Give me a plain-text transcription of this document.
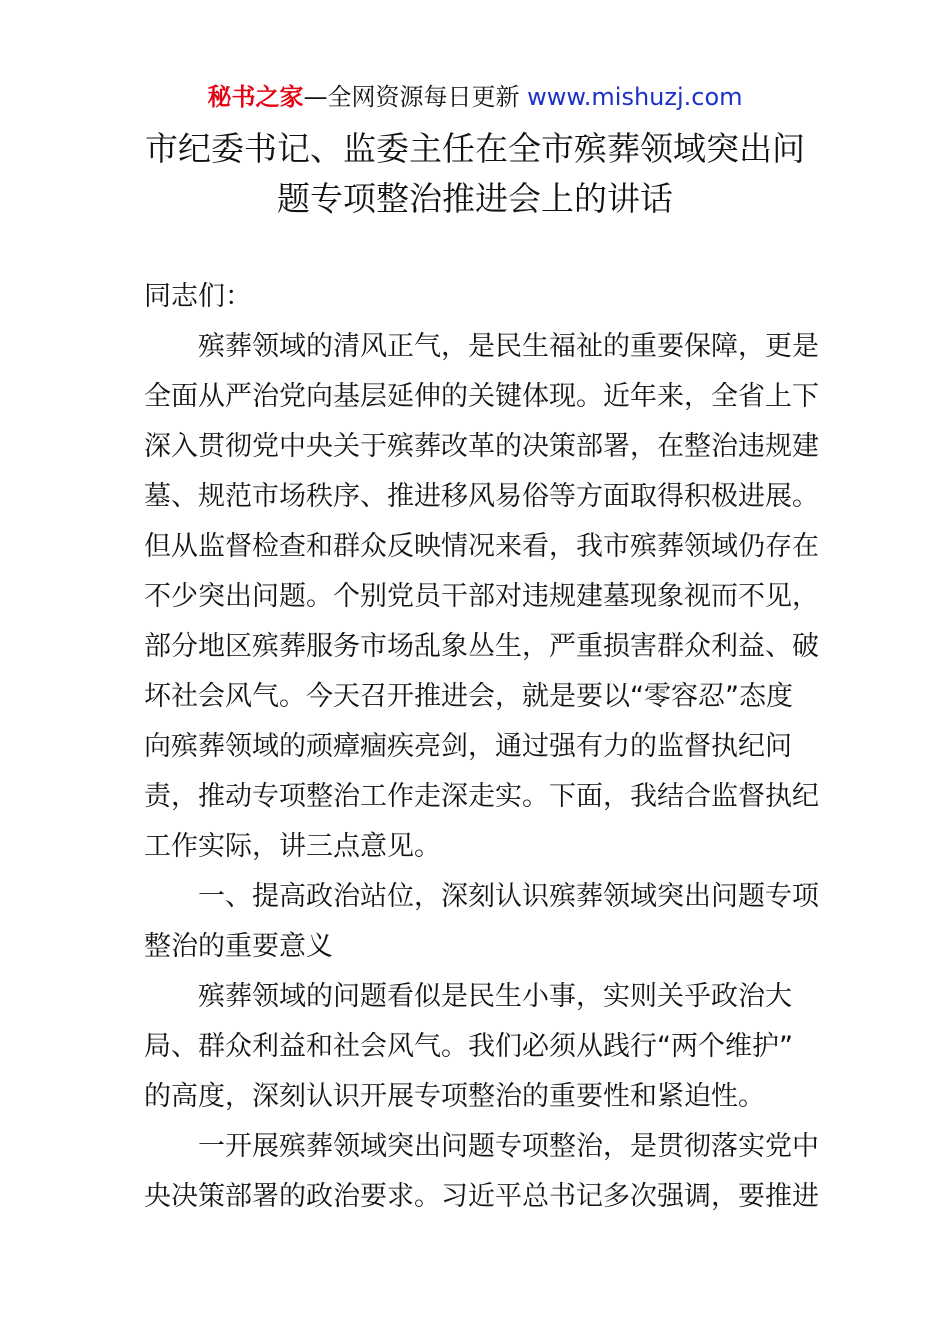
秘书之家—全网资源每日更新 www.mishuzj.com
市纪委书记、监委主任在全市殡葬领域突出问
题专项整治推进会上的讲话
同志们：
　　殡葬领域的清风正气，是民生福祉的重要保障，更是
全面从严治党向基层延伸的关键体现。近年来，全省上下
深入贯彻党中央关于殡葬改革的决策部署，在整治违规建
墓、规范市场秩序、推进移风易俗等方面取得积极进展。
但从监督检查和群众反映情况来看，我市殡葬领域仍存在
不少突出问题。个别党员干部对违规建墓现象视而不见，
部分地区殡葬服务市场乱象丛生，严重损害群众利益、破
坏社会风气。今天召开推进会，就是要以“零容忍”态度
向殡葬领域的顽瘴痼疾亮剑，通过强有力的监督执纪问
责，推动专项整治工作走深走实。下面，我结合监督执纪
工作实际，讲三点意见。
　　一、提高政治站位，深刻认识殡葬领域突出问题专项
整治的重要意义
　　殡葬领域的问题看似是民生小事，实则关乎政治大
局、群众利益和社会风气。我们必须从践行“两个维护”
的高度，深刻认识开展专项整治的重要性和紧迫性。
　　一开展殡葬领域突出问题专项整治，是贯彻落实党中
央决策部署的政治要求。习近平总书记多次强调，要推进
